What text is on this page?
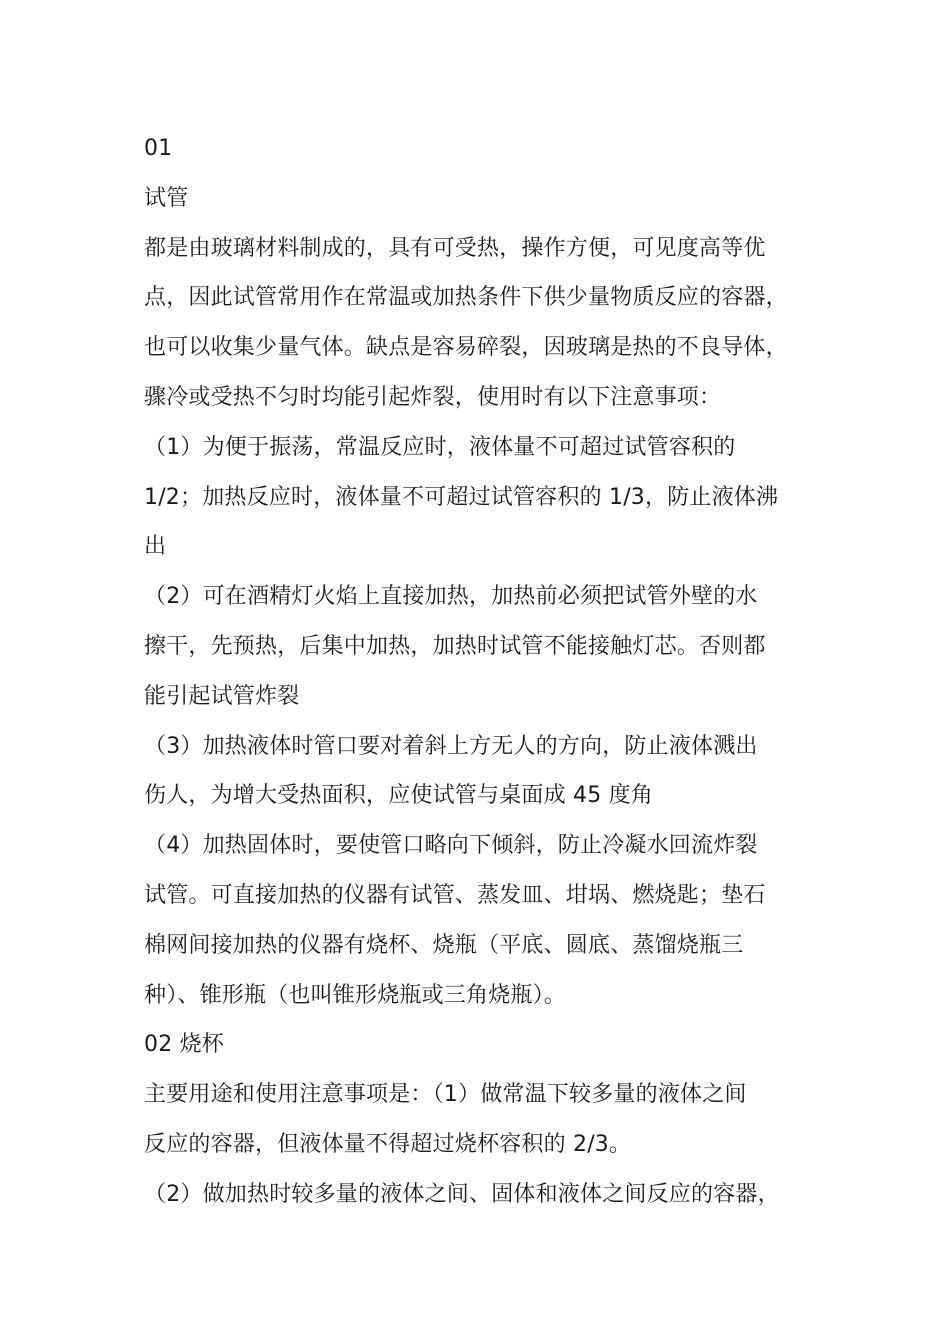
01
试管
都是由玻璃材料制成的，具有可受热，操作方便，可见度高等优
点，因此试管常用作在常温或加热条件下供少量物质反应的容器，
也可以收集少量气体。缺点是容易碎裂，因玻璃是热的不良导体，
骤冷或受热不匀时均能引起炸裂，使用时有以下注意事项：
（1）为便于振荡，常温反应时，液体量不可超过试管容积的
1/2；加热反应时，液体量不可超过试管容积的 1/3，防止液体沸
出
（2）可在酒精灯火焰上直接加热，加热前必须把试管外壁的水
擦干，先预热，后集中加热，加热时试管不能接触灯芯。否则都
能引起试管炸裂
（3）加热液体时管口要对着斜上方无人的方向，防止液体溅出
伤人，为增大受热面积，应使试管与桌面成 45 度角
（4）加热固体时，要使管口略向下倾斜，防止冷凝水回流炸裂
试管。可直接加热的仪器有试管、蒸发皿、坩埚、燃烧匙；垫石
棉网间接加热的仪器有烧杯、烧瓶（平底、圆底、蒸馏烧瓶三
种）、锥形瓶（也叫锥形烧瓶或三角烧瓶）。
02 烧杯
主要用途和使用注意事项是：（1）做常温下较多量的液体之间
反应的容器，但液体量不得超过烧杯容积的 2/3。
（2）做加热时较多量的液体之间、固体和液体之间反应的容器，
